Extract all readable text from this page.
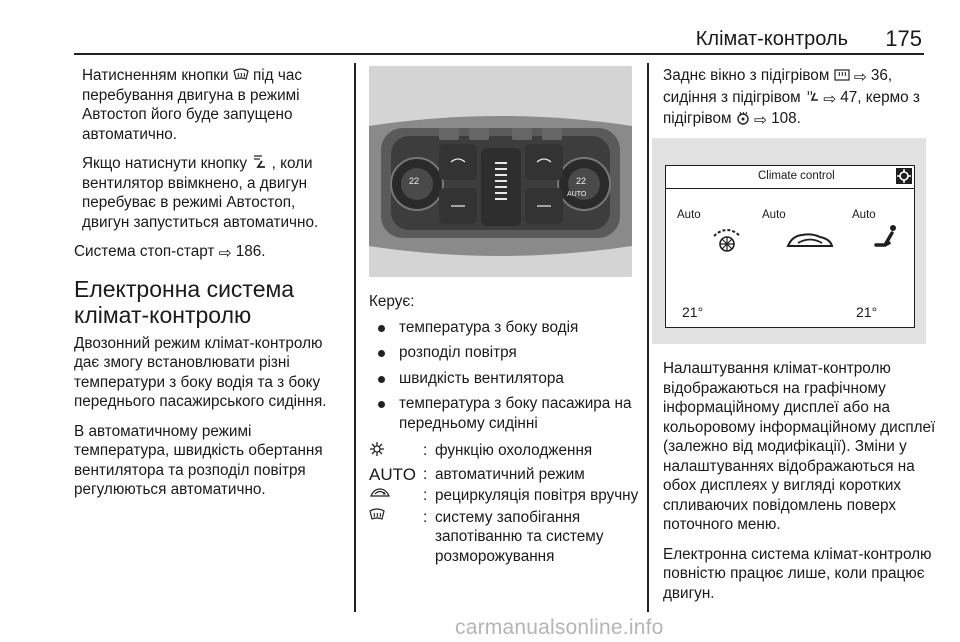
Клімат-контроль 175

Натисненням кнопки під час перебування двигуна в режимі Автостоп його буде запущено автоматично.

Якщо натиснути кнопку , коли вентилятор ввімкнено, а двигун перебуває в режимі Автостоп, двигун запуститься автоматично.

Система стоп-старт ⇨ 186.

Електронна система клімат-контролю

Двозонний режим клімат-контролю дає змогу встановлювати різні температури з боку водія та з боку переднього пасажирського сидіння.

В автоматичному режимі температура, швидкість обертання вентилятора та розподіл повітря регулюються автоматично.

22	22
AUTO

Керує:

температура з боку водія
розподіл повітря
швидкість вентилятора
температура з боку пасажира на передньому сидінні
: функцію охолодження
AUTO : автоматичний режим
: рециркуляція повітря вручну
: систему запобігання запотіванню та систему розморожування

Заднє вікно з підігрівом ⇨ 36, сидіння з підігрівом ⇨ 47, кермо з підігрівом ⇨ 108.

Climate control
Auto	Auto	Auto
21°	21°

Налаштування клімат-контролю відображаються на графічному інформаційному дисплеї або на кольоровому інформаційному дисплеї (залежно від модифікації). Зміни у налаштуваннях відображаються на обох дисплеях у вигляді коротких спливаючих повідомлень поверх поточного меню.

Електронна система клімат-контролю повністю працює лише, коли працює двигун.

carmanualsonline.info
